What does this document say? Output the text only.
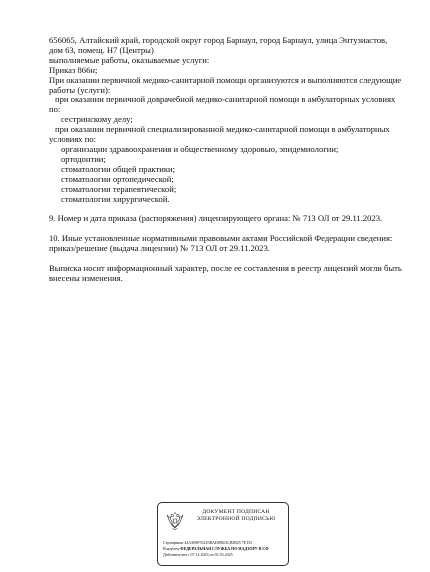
656065, Алтайский край, городской округ город Барнаул, город Барнаул, улица Энтузиастов,
дом 63, помещ. Н7 (Центры)
выполняемые работы, оказываемые услуги:
Приказ 866н;
При оказании первичной медико-санитарной помощи организуются и выполняются следующие
работы (услуги):
при оказании первичной доврачебной медико-санитарной помощи в амбулаторных условиях
по:
сестринскому делу;
при оказании первичной специализированной медико-санитарной помощи в амбулаторных
условиях по:
организации здравоохранения и общественному здоровью, эпидемиологии;
ортодонтии;
стоматологии общей практики;
стоматологии ортопедической;
стоматологии терапевтической;
стоматологии хирургической.
9. Номер и дата приказа (распоряжения) лицензирующего органа: № 713 ОЛ от 29.11.2023.
10. Иные установленные нормативными правовыми актами Российской Федерации сведения:
приказ/решение (выдача лицензии) № 713 ОЛ от 29.11.2023.
Выписка носит информационный характер, после ее составления в реестр лицензий могли быть
внесены изменения.
ДОКУМЕНТ ПОДПИСАН
ЭЛЕКТРОННОЙ ПОДПИСЬЮ
Сертификат 44A369F55210BAD0861ICB8025 7E D3
Владелец ФЕДЕРАЛЬНАЯ СЛУЖБА ПО НАДЗОРУ В СФ
Действителен с 07.12.2023 по 01.03.2025
